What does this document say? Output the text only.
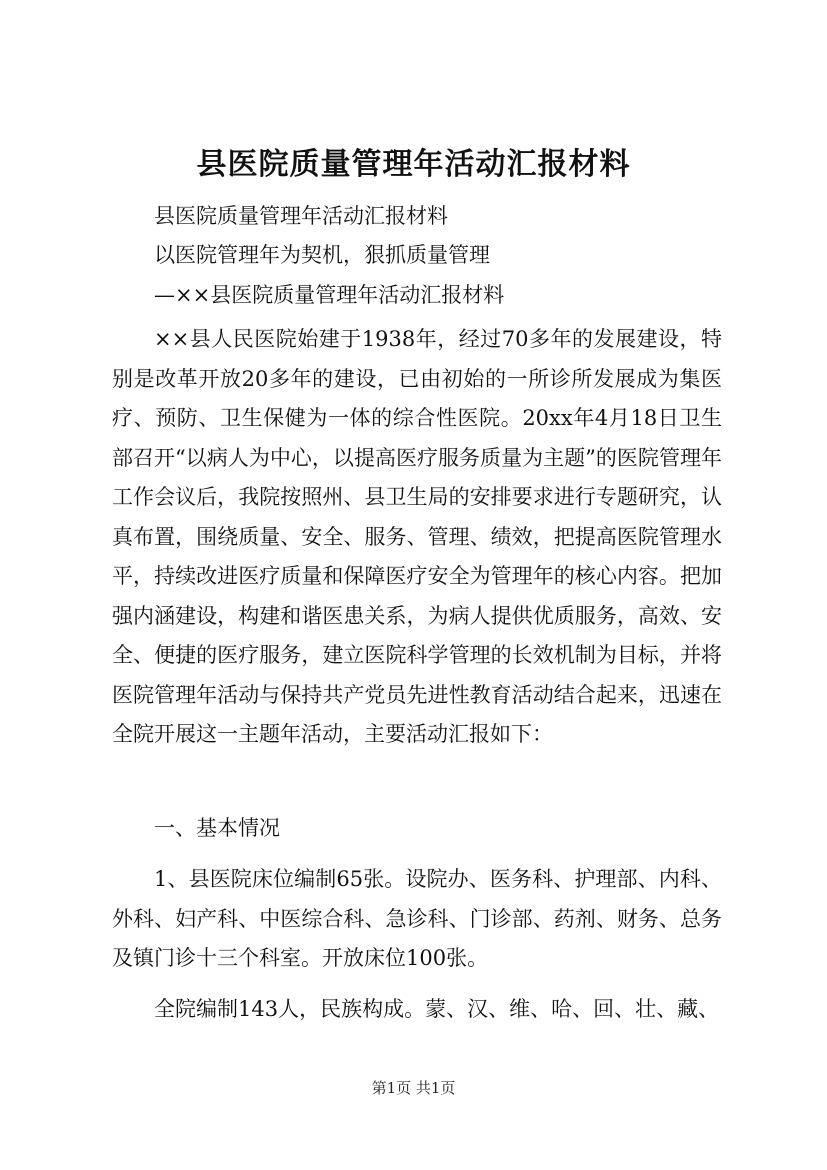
县医院质量管理年活动汇报材料

县医院质量管理年活动汇报材料

以医院管理年为契机，狠抓质量管理

—××县医院质量管理年活动汇报材料

××县人民医院始建于1938年，经过70多年的发展建设，特别是改革开放20多年的建设，已由初始的一所诊所发展成为集医疗、预防、卫生保健为一体的综合性医院。20xx年4月18日卫生部召开“以病人为中心，以提高医疗服务质量为主题”的医院管理年工作会议后，我院按照州、县卫生局的安排要求进行专题研究，认真布置，围绕质量、安全、服务、管理、绩效，把提高医院管理水平，持续改进医疗质量和保障医疗安全为管理年的核心内容。把加强内涵建设，构建和谐医患关系，为病人提供优质服务，高效、安全、便捷的医疗服务，建立医院科学管理的长效机制为目标，并将医院管理年活动与保持共产党员先进性教育活动结合起来，迅速在全院开展这一主题年活动，主要活动汇报如下：

一、基本情况

1、县医院床位编制65张。设院办、医务科、护理部、内科、外科、妇产科、中医综合科、急诊科、门诊部、药剂、财务、总务及镇门诊十三个科室。开放床位100张。

全院编制143人，民族构成。蒙、汉、维、哈、回、壮、藏、

第1页 共1页
